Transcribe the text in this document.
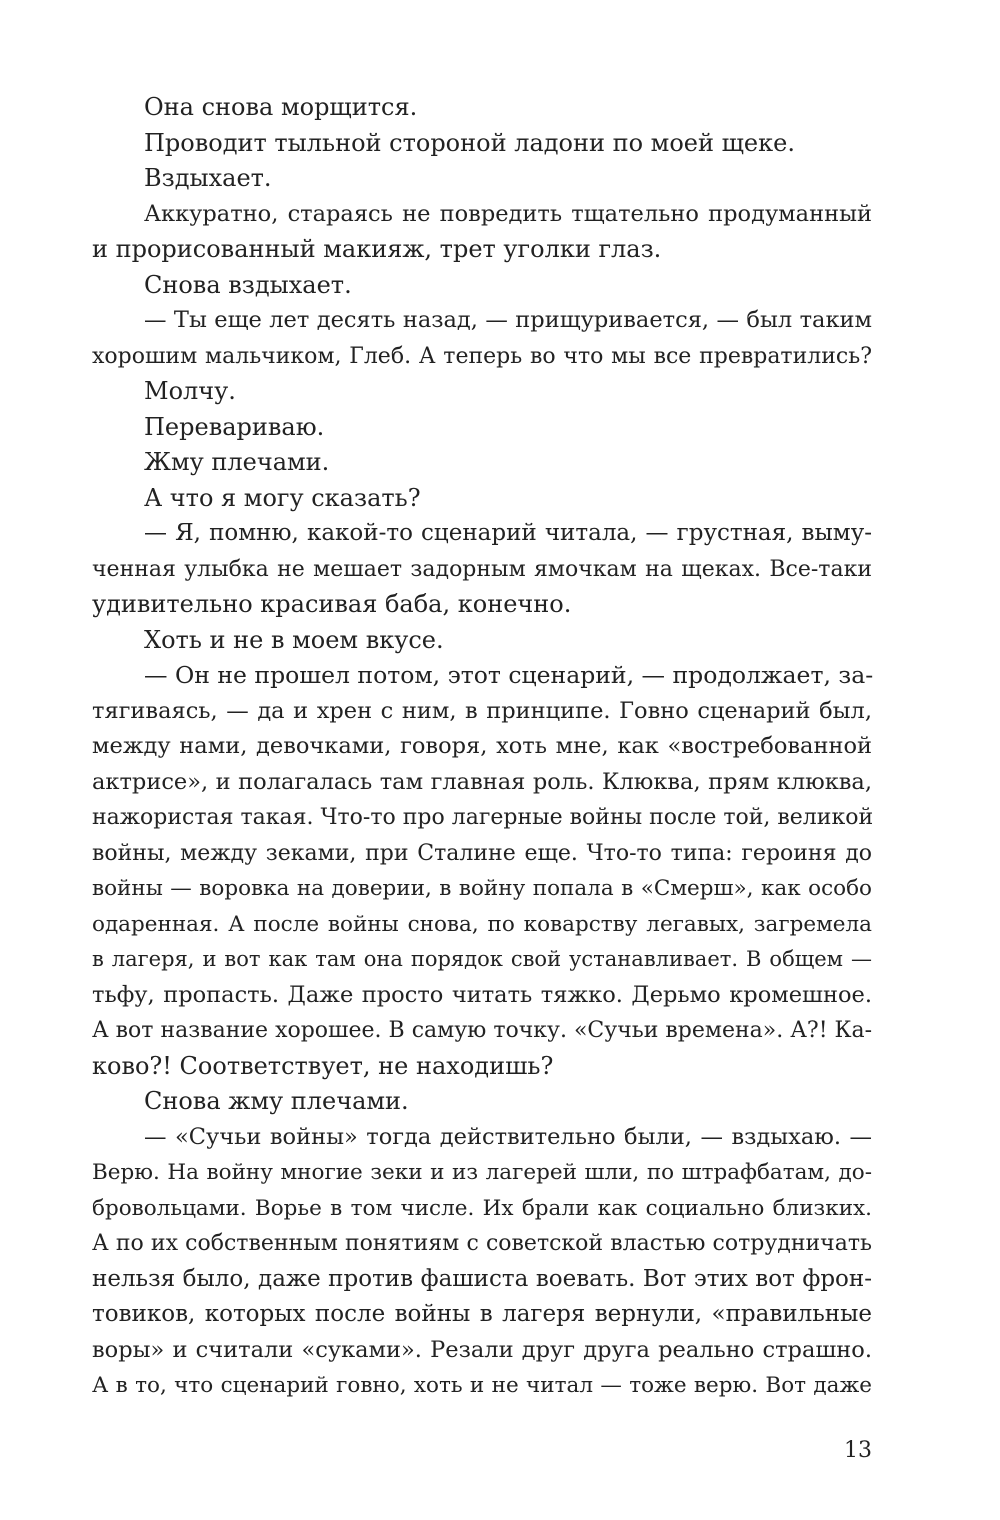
Она снова морщится.
Проводит тыльной стороной ладони по моей щеке.
Вздыхает.
Аккуратно, стараясь не повредить тщательно продуманный
и прорисованный макияж, трет уголки глаз.
Снова вздыхает.
— Ты еще лет десять назад, — прищуривается, — был таким
хорошим мальчиком, Глеб. А теперь во что мы все превратились?
Молчу.
Перевариваю.
Жму плечами.
А что я могу сказать?
— Я, помню, какой-то сценарий читала, — грустная, выму-
ченная улыбка не мешает задорным ямочкам на щеках. Все-таки
удивительно красивая баба, конечно.
Хоть и не в моем вкусе.
— Он не прошел потом, этот сценарий, — продолжает, за-
тягиваясь, — да и хрен с ним, в принципе. Говно сценарий был,
между нами, девочками, говоря, хоть мне, как «востребованной
актрисе», и полагалась там главная роль. Клюква, прям клюква,
нажористая такая. Что-то про лагерные войны после той, великой
войны, между зеками, при Сталине еще. Что-то типа: героиня до
войны — воровка на доверии, в войну попала в «Смерш», как особо
одаренная. А после войны снова, по коварству легавых, загремела
в лагеря, и вот как там она порядок свой устанавливает. В общем —
тьфу, пропасть. Даже просто читать тяжко. Дерьмо кромешное.
А вот название хорошее. В самую точку. «Сучьи времена». А?! Ка-
ково?! Соответствует, не находишь?
Снова жму плечами.
— «Сучьи войны» тогда действительно были, — вздыхаю. —
Верю. На войну многие зеки и из лагерей шли, по штрафбатам, до-
бровольцами. Ворье в том числе. Их брали как социально близких.
А по их собственным понятиям с советской властью сотрудничать
нельзя было, даже против фашиста воевать. Вот этих вот фрон-
товиков, которых после войны в лагеря вернули, «правильные
воры» и считали «суками». Резали друг друга реально страшно.
А в то, что сценарий говно, хоть и не читал — тоже верю. Вот даже
13
